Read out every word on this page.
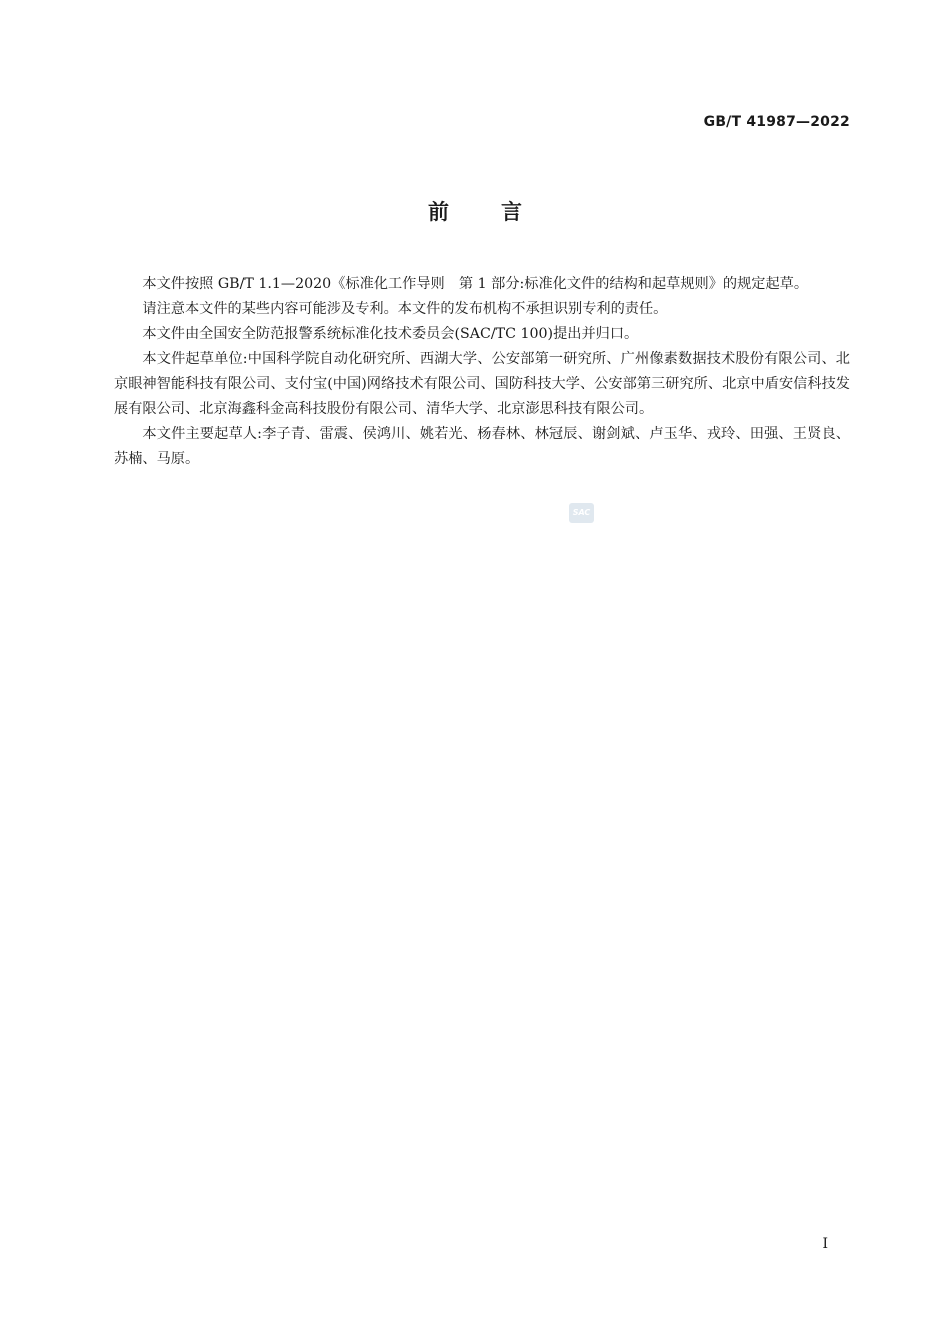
GB/T 41987—2022
前言

本文件按照 GB/T 1.1—2020《标准化工作导则　第 1 部分:标准化文件的结构和起草规则》的规定起草。

请注意本文件的某些内容可能涉及专利。本文件的发布机构不承担识别专利的责任。

本文件由全国安全防范报警系统标准化技术委员会(SAC/TC 100)提出并归口。

本文件起草单位:中国科学院自动化研究所、西湖大学、公安部第一研究所、广州像素数据技术股份有限公司、北京眼神智能科技有限公司、支付宝(中国)网络技术有限公司、国防科技大学、公安部第三研究所、北京中盾安信科技发展有限公司、北京海鑫科金高科技股份有限公司、清华大学、北京澎思科技有限公司。

本文件主要起草人:李子青、雷震、侯鸿川、姚若光、杨春林、林冠辰、谢剑斌、卢玉华、戎玲、田强、王贤良、苏楠、马原。

SAC
I
